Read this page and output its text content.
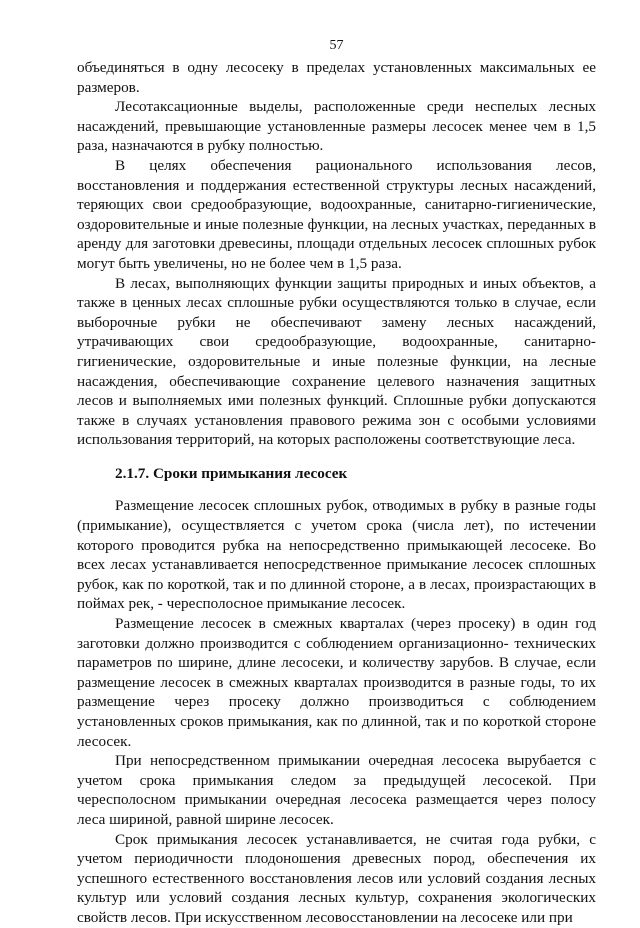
57

объединяться в одну лесосеку в пределах установленных максимальных ее размеров.

Лесотаксационные выделы, расположенные среди неспелых лесных насаждений, превышающие установленные размеры лесосек менее чем в 1,5 раза, назначаются в рубку полностью.

В целях обеспечения рационального использования лесов, восстановления и поддержания естественной структуры лесных насаждений, теряющих свои средообразующие, водоохранные, санитарно-гигиенические, оздоровительные и иные полезные функции, на лесных участках, переданных в аренду для заготовки древесины, площади отдельных лесосек сплошных рубок могут быть увеличены, но не более чем в 1,5 раза.

В лесах, выполняющих функции защиты природных и иных объектов, а также в ценных лесах сплошные рубки осуществляются только в случае, если выборочные рубки не обеспечивают замену лесных насаждений, утрачивающих свои средообразующие, водоохранные, санитарно-гигиенические, оздоровительные и иные полезные функции, на лесные насаждения, обеспечивающие сохранение целевого назначения защитных лесов и выполняемых ими полезных функций. Сплошные рубки допускаются также в случаях установления правового режима зон с особыми условиями использования территорий, на которых расположены соответствующие леса.

2.1.7. Сроки примыкания лесосек

Размещение лесосек сплошных рубок, отводимых в рубку в разные годы (примыкание), осуществляется с учетом срока (числа лет), по истечении которого проводится рубка на непосредственно примыкающей лесосеке. Во всех лесах устанавливается непосредственное примыкание лесосек сплошных рубок, как по короткой, так и по длинной стороне, а в лесах, произрастающих в поймах рек, - чересполосное примыкание лесосек.

Размещение лесосек в смежных кварталах (через просеку) в один год заготовки должно производится с соблюдением организационно- технических параметров по ширине, длине лесосеки, и количеству зарубов. В случае, если размещение лесосек в смежных кварталах производится в разные годы, то их размещение через просеку должно производиться с соблюдением установленных сроков примыкания, как по длинной, так и по короткой стороне лесосек.

При непосредственном примыкании очередная лесосека вырубается с учетом срока примыкания следом за предыдущей лесосекой. При чересполосном примыкании очередная лесосека размещается через полосу леса шириной, равной ширине лесосек.

Срок примыкания лесосек устанавливается, не считая года рубки, с учетом периодичности плодоношения древесных пород, обеспечения их успешного естественного восстановления лесов или условий создания лесных культур или условий создания лесных культур, сохранения экологических свойств лесов. При искусственном лесовосстановлении на лесосеке или при
